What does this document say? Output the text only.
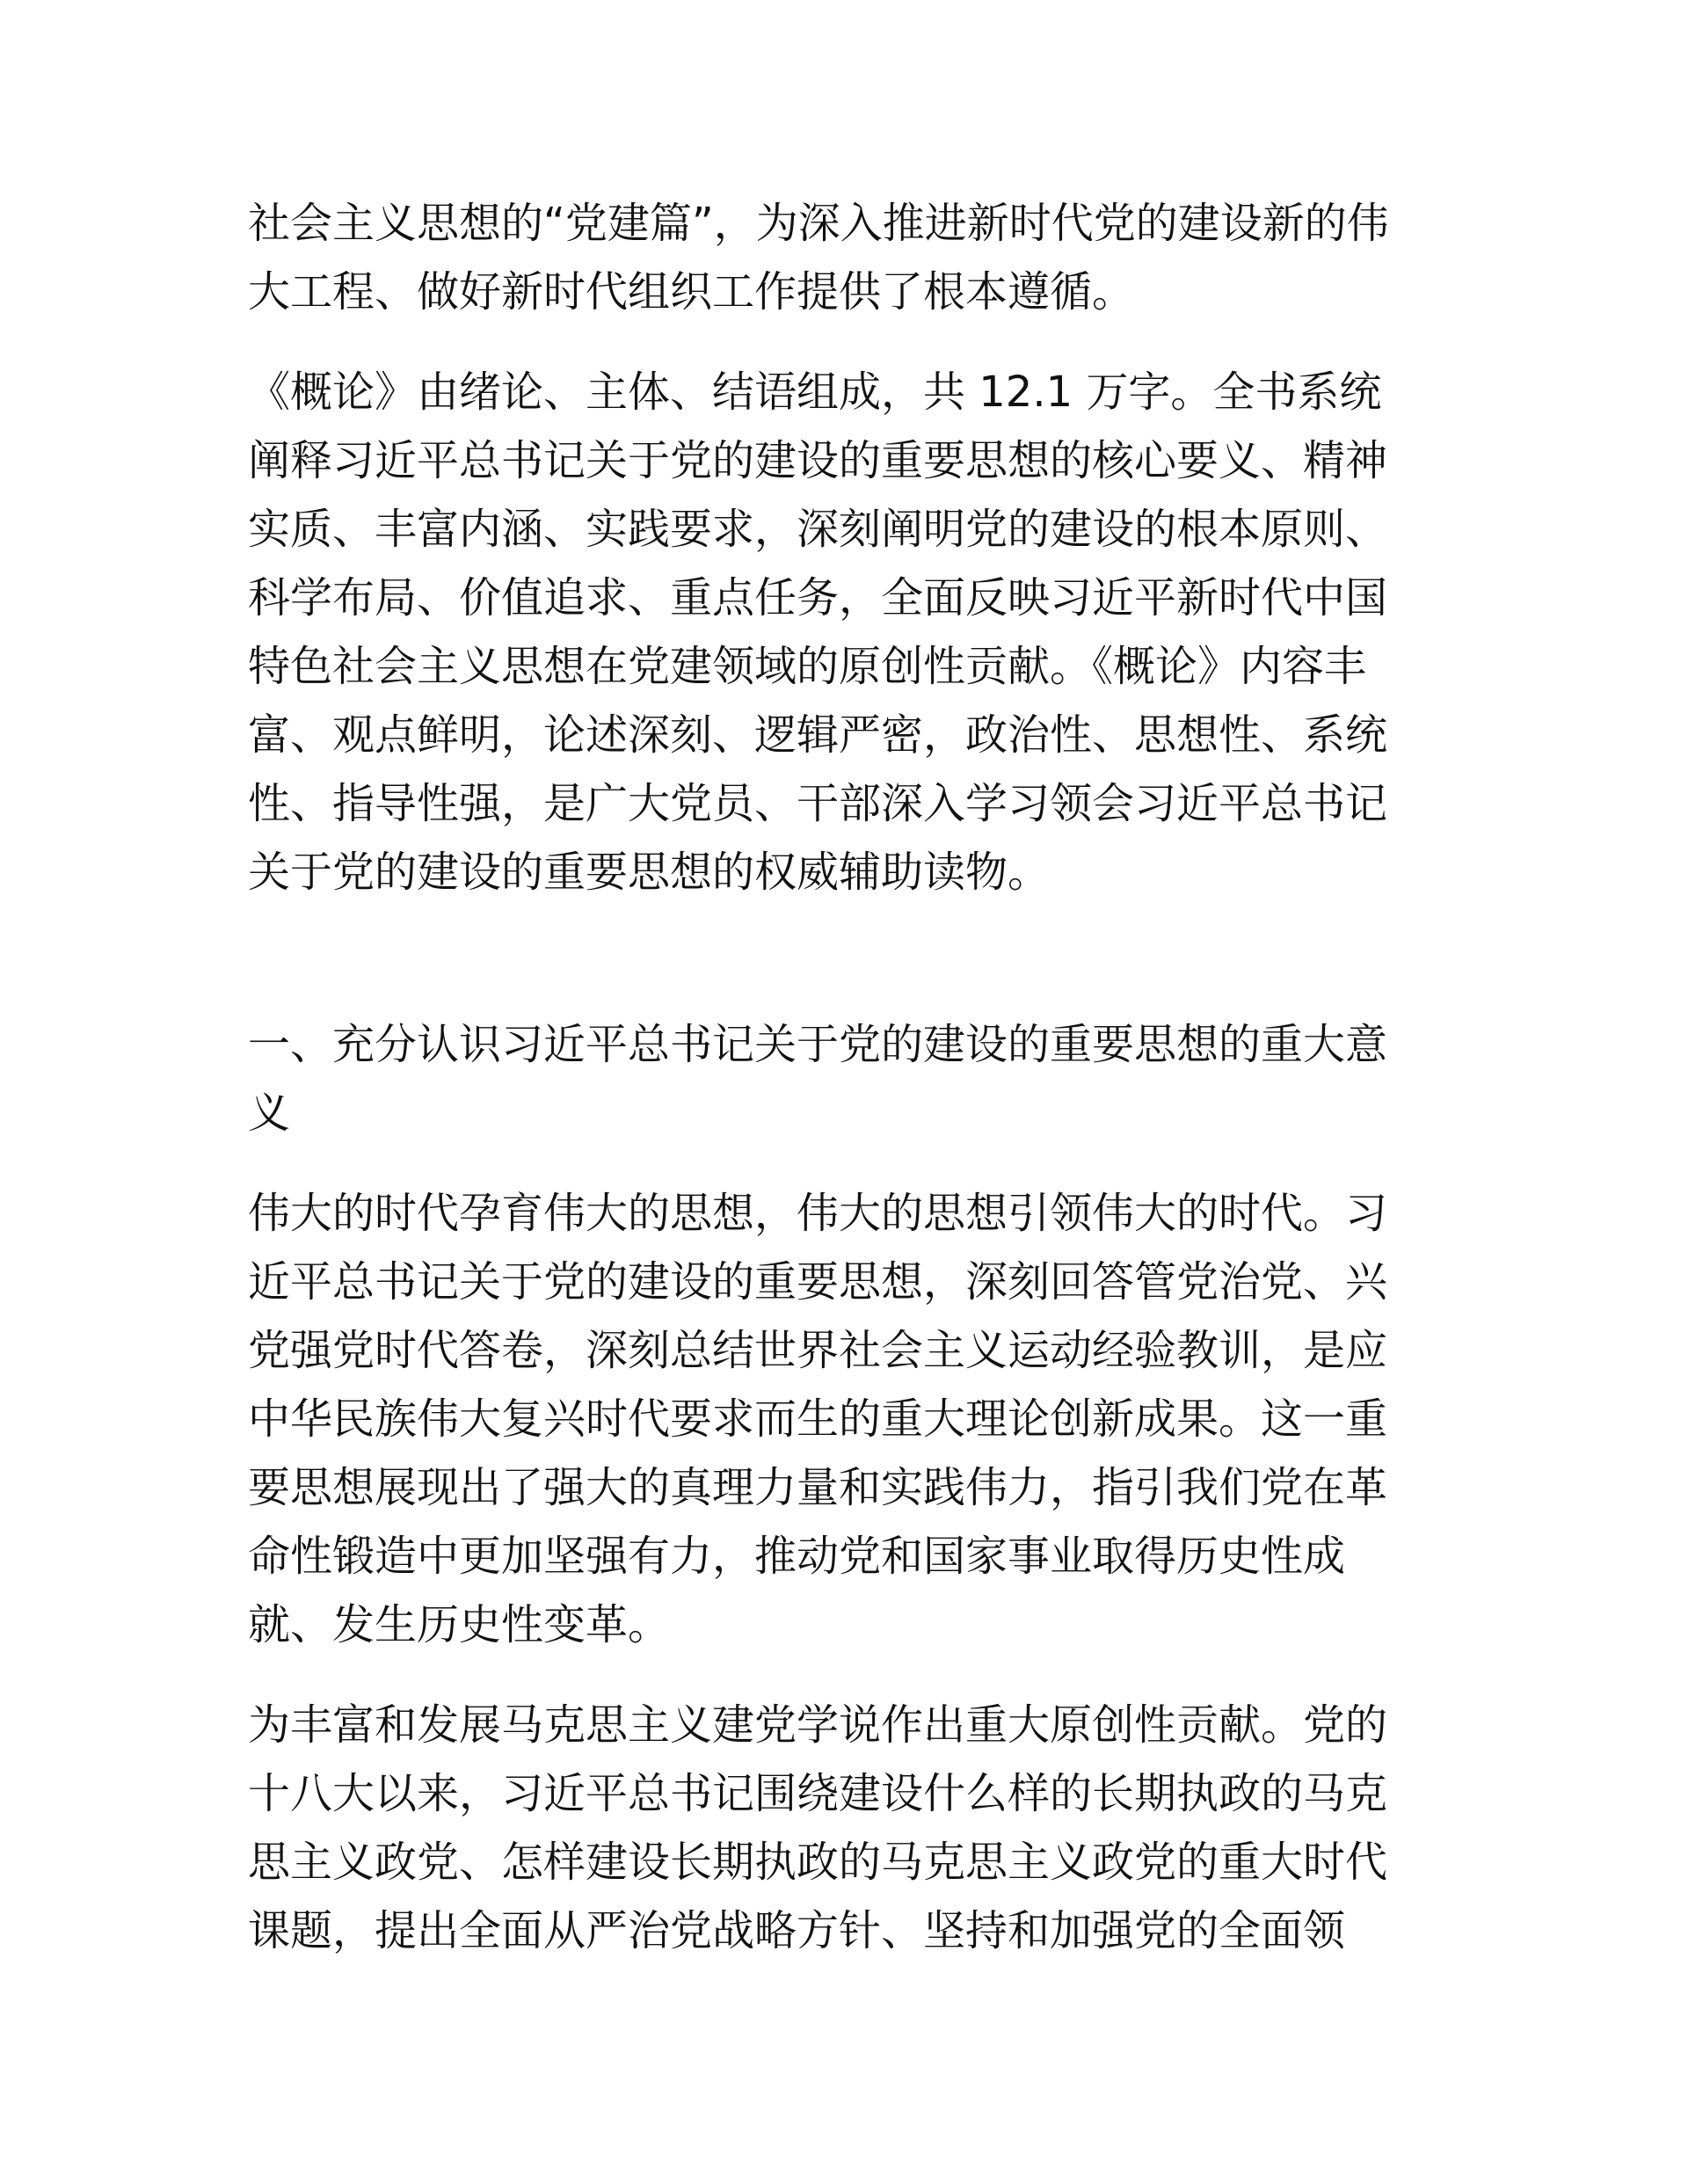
社会主义思想的“党建篇”，为深入推进新时代党的建设新的伟
大工程、做好新时代组织工作提供了根本遵循。

《概论》由绪论、主体、结语组成，共 12.1 万字。全书系统
阐释习近平总书记关于党的建设的重要思想的核心要义、精神
实质、丰富内涵、实践要求，深刻阐明党的建设的根本原则、
科学布局、价值追求、重点任务，全面反映习近平新时代中国
特色社会主义思想在党建领域的原创性贡献。《概论》内容丰
富、观点鲜明，论述深刻、逻辑严密，政治性、思想性、系统
性、指导性强，是广大党员、干部深入学习领会习近平总书记
关于党的建设的重要思想的权威辅助读物。

一、充分认识习近平总书记关于党的建设的重要思想的重大意
义

伟大的时代孕育伟大的思想，伟大的思想引领伟大的时代。习
近平总书记关于党的建设的重要思想，深刻回答管党治党、兴
党强党时代答卷，深刻总结世界社会主义运动经验教训，是应
中华民族伟大复兴时代要求而生的重大理论创新成果。这一重
要思想展现出了强大的真理力量和实践伟力，指引我们党在革
命性锻造中更加坚强有力，推动党和国家事业取得历史性成
就、发生历史性变革。

为丰富和发展马克思主义建党学说作出重大原创性贡献。党的
十八大以来，习近平总书记围绕建设什么样的长期执政的马克
思主义政党、怎样建设长期执政的马克思主义政党的重大时代
课题，提出全面从严治党战略方针、坚持和加强党的全面领
